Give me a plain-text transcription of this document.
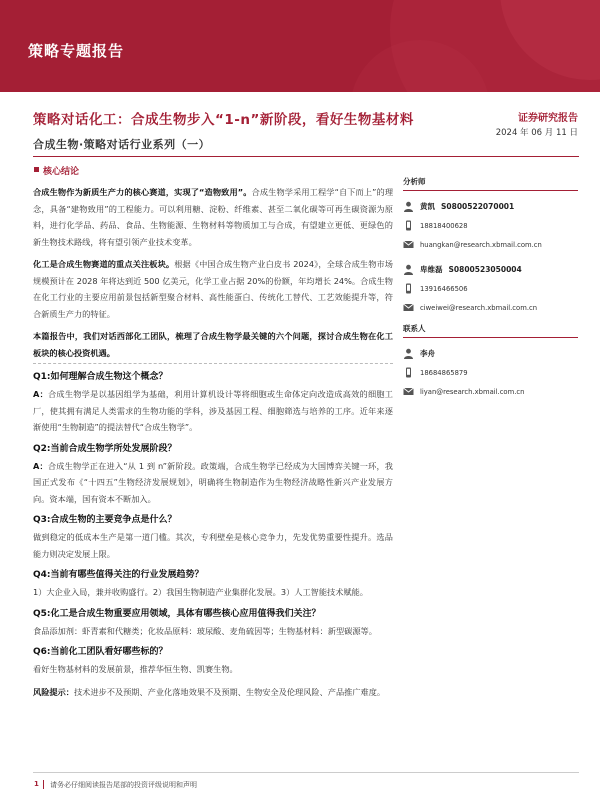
策略专题报告
策略对话化工：合成生物步入“1-n”新阶段，看好生物基材料	证券研究报告
2024 年 06 月 11 日
合成生物·策略对话行业系列（一）
核心结论

合成生物作为新质生产力的核心赛道，实现了“造物致用”。合成生物学采用工程学“自下而上”的理念，具备“建物致用”的工程能力。可以利用糖、淀粉、纤维素、甚至二氧化碳等可再生碳资源为原料，进行化学品、药品、食品、生物能源、生物材料等物质加工与合成，有望建立更低、更绿色的新生物技术路线，将有望引领产业技术变革。

化工是合成生物赛道的重点关注板块。根据《中国合成生物产业白皮书 2024》，全球合成生物市场规模预计在 2028 年将达到近 500 亿美元，化学工业占据 20%的份额，年均增长 24%。合成生物在化工行业的主要应用前景包括新型聚合材料、高性能蛋白、传统化工替代、工艺效能提升等，符合新质生产力的特征。

本篇报告中，我们对话西部化工团队，梳理了合成生物学最关键的六个问题，探讨合成生物在化工板块的核心投资机遇。

Q1:如何理解合成生物这个概念？

A：合成生物学是以基因组学为基础，利用计算机设计等将细胞或生命体定向改造成高效的细胞工厂，使其拥有满足人类需求的生物功能的学科，涉及基因工程、细胞筛选与培养的工序。近年来逐渐使用“生物制造”的提法替代“合成生物学”。

Q2:当前合成生物学所处发展阶段？

A：合成生物学正在进入“从 1 到 n”新阶段。政策端，合成生物学已经成为大国博弈关键一环，我国正式发布《“十四五”生物经济发展规划》，明确将生物制造作为生物经济战略性新兴产业发展方向。资本端，国有资本不断加入。

Q3:合成生物的主要竞争点是什么？

做到稳定的低成本生产是第一道门槛。其次，专利壁垒是核心竞争力，先发优势重要性提升。选品能力则决定发展上限。

Q4:当前有哪些值得关注的行业发展趋势？

1）大企业入局，兼并收购盛行。2）我国生物制造产业集群化发展。3）人工智能技术赋能。

Q5:化工是合成生物重要应用领域，具体有哪些核心应用值得我们关注？

食品添加剂：虾青素和代糖类；化妆品原料：玻尿酸、麦角硫因等；生物基材料：新型碳源等。

Q6:当前化工团队看好哪些标的？

看好生物基材料的发展前景，推荐华恒生物、凯赛生物。

风险提示：技术进步不及预期、产业化落地效果不及预期、生物安全及伦理风险、产品推广难度。

分析师
黄凯 S0800522070001
18818400628
huangkan@research.xbmail.com.cn
卑维磊 S0800523050004
13916466506
ciweiwei@research.xbmail.com.cn
联系人
李舟
18684865879
liyan@research.xbmail.com.cn
1 请务必仔细阅读报告尾部的投资评级说明和声明
